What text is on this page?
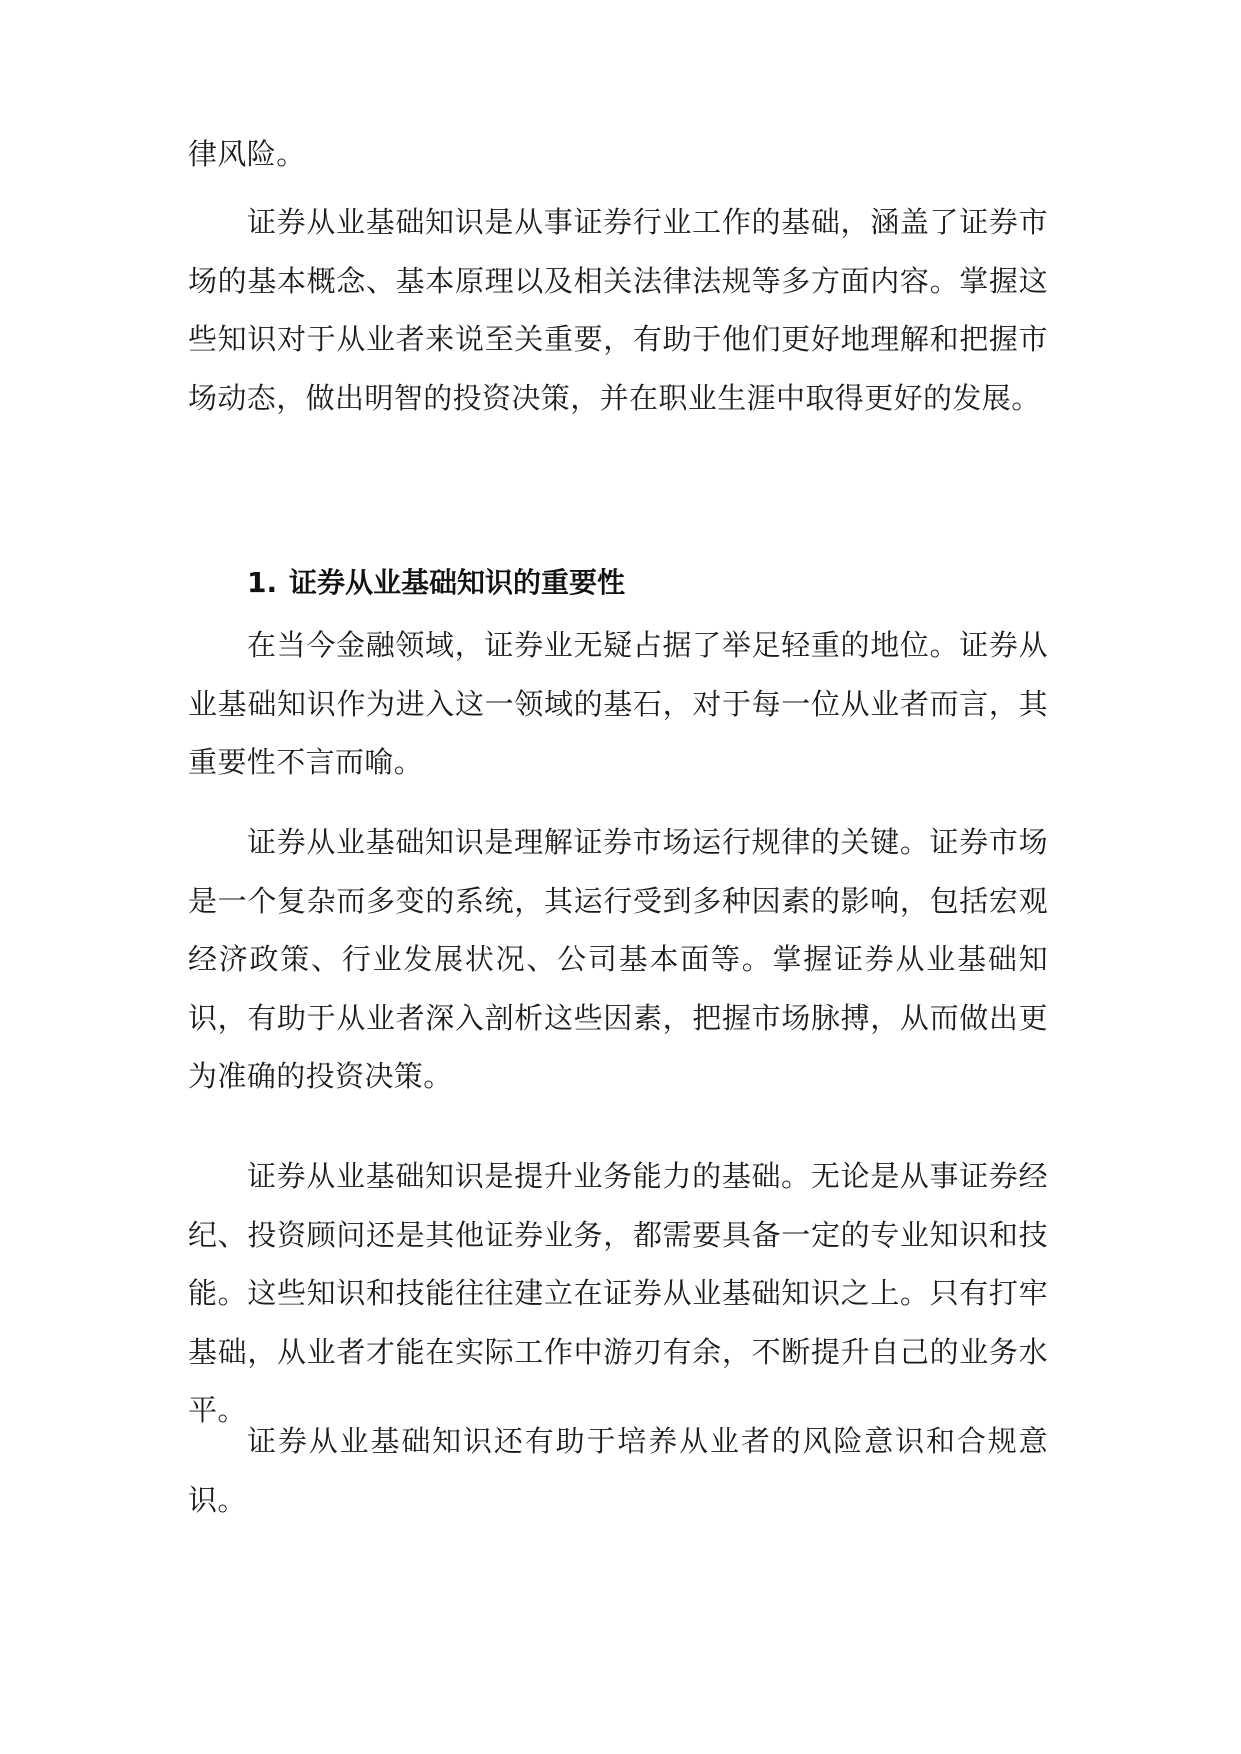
律风险。

证券从业基础知识是从事证券行业工作的基础，涵盖了证券市场的基本概念、基本原理以及相关法律法规等多方面内容。掌握这些知识对于从业者来说至关重要，有助于他们更好地理解和把握市场动态，做出明智的投资决策，并在职业生涯中取得更好的发展。

1. 证券从业基础知识的重要性

在当今金融领域，证券业无疑占据了举足轻重的地位。证券从业基础知识作为进入这一领域的基石，对于每一位从业者而言，其重要性不言而喻。

证券从业基础知识是理解证券市场运行规律的关键。证券市场是一个复杂而多变的系统，其运行受到多种因素的影响，包括宏观经济政策、行业发展状况、公司基本面等。掌握证券从业基础知识，有助于从业者深入剖析这些因素，把握市场脉搏，从而做出更为准确的投资决策。

证券从业基础知识是提升业务能力的基础。无论是从事证券经纪、投资顾问还是其他证券业务，都需要具备一定的专业知识和技能。这些知识和技能往往建立在证券从业基础知识之上。只有打牢基础，从业者才能在实际工作中游刃有余，不断提升自己的业务水平。

证券从业基础知识还有助于培养从业者的风险意识和合规意识。
